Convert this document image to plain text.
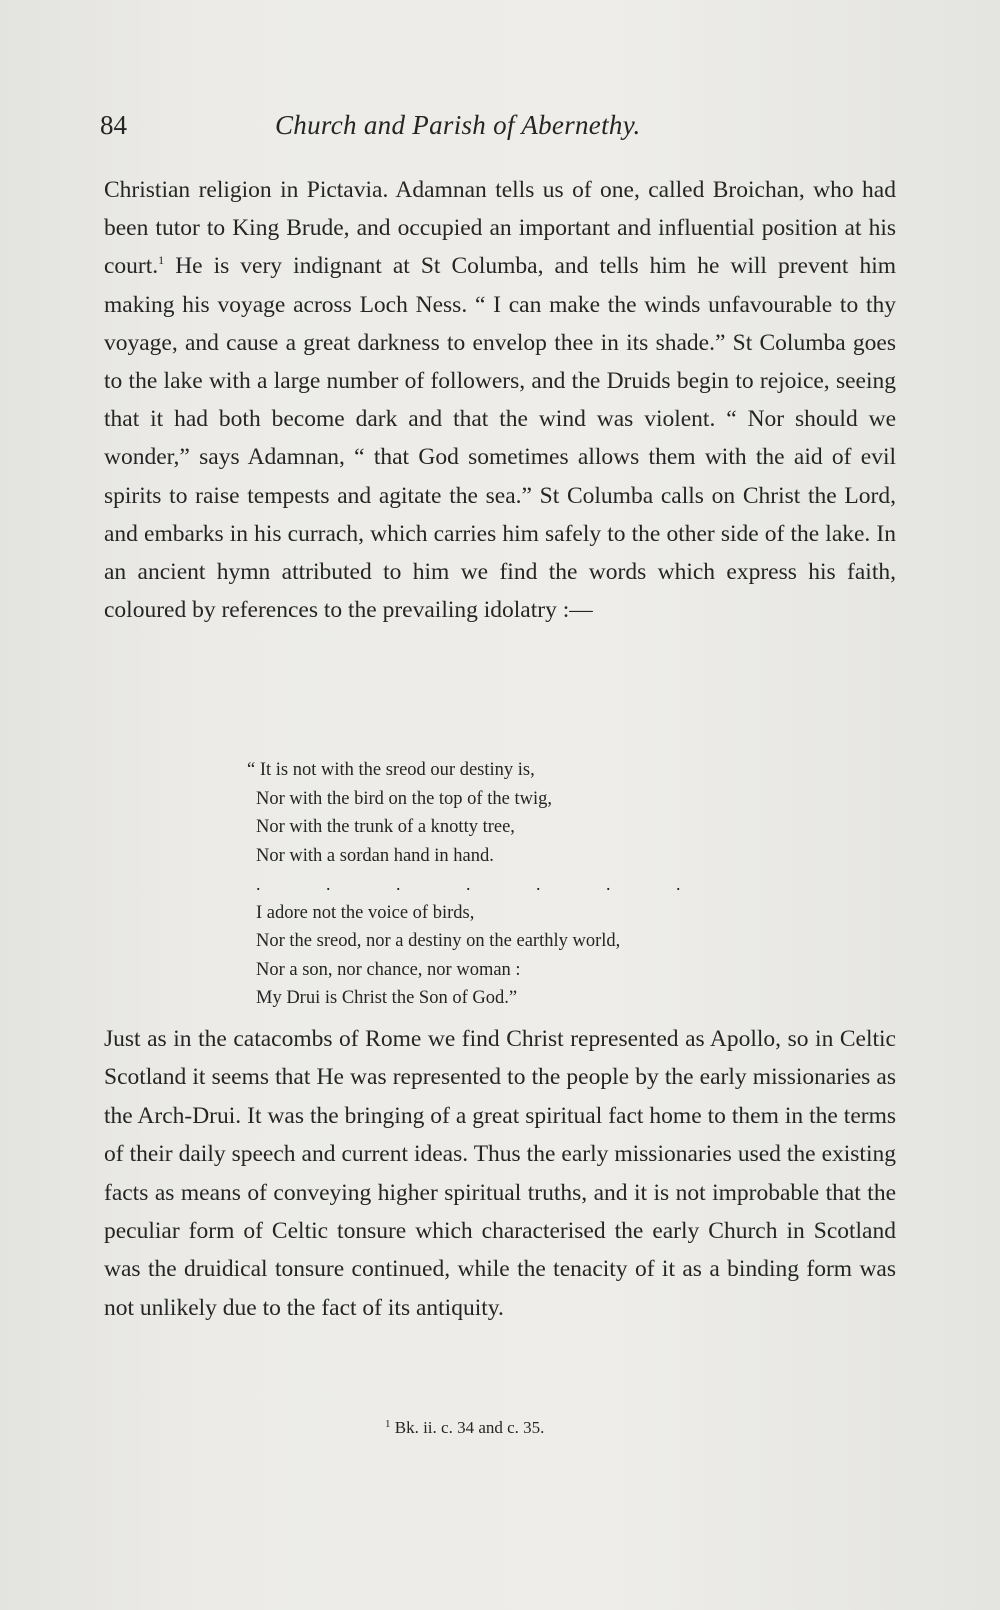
84	Church and Parish of Abernethy.

Christian religion in Pictavia. Adamnan tells us of one, called Broichan, who had been tutor to King Brude, and occupied an important and influential position at his court.$^1$ He is very indignant at St Columba, and tells him he will prevent him making his voyage across Loch Ness. “ I can make the winds unfavourable to thy voyage, and cause a great darkness to envelop thee in its shade.” St Columba goes to the lake with a large number of followers, and the Druids begin to rejoice, seeing that it had both become dark and that the wind was violent. “ Nor should we wonder,” says Adamnan, “ that God sometimes allows them with the aid of evil spirits to raise tempests and agitate the sea.” St Columba calls on Christ the Lord, and embarks in his currach, which carries him safely to the other side of the lake. In an ancient hymn attributed to him we find the words which express his faith, coloured by references to the prevailing idolatry :—

“ It is not with the sreod our destiny is,
Nor with the bird on the top of the twig,
Nor with the trunk of a knotty tree,
Nor with a sordan hand in hand.
.	.	.	.	.	.	.
I adore not the voice of birds,
Nor the sreod, nor a destiny on the earthly world,
Nor a son, nor chance, nor woman :
My Drui is Christ the Son of God.”

Just as in the catacombs of Rome we find Christ represented as Apollo, so in Celtic Scotland it seems that He was represented to the people by the early missionaries as the Arch-Drui. It was the bringing of a great spiritual fact home to them in the terms of their daily speech and current ideas. Thus the early missionaries used the existing facts as means of conveying higher spiritual truths, and it is not improbable that the peculiar form of Celtic tonsure which characterised the early Church in Scotland was the druidical tonsure continued, while the tenacity of it as a binding form was not unlikely due to the fact of its antiquity.

$^1$ Bk. ii. c. 34 and c. 35.
